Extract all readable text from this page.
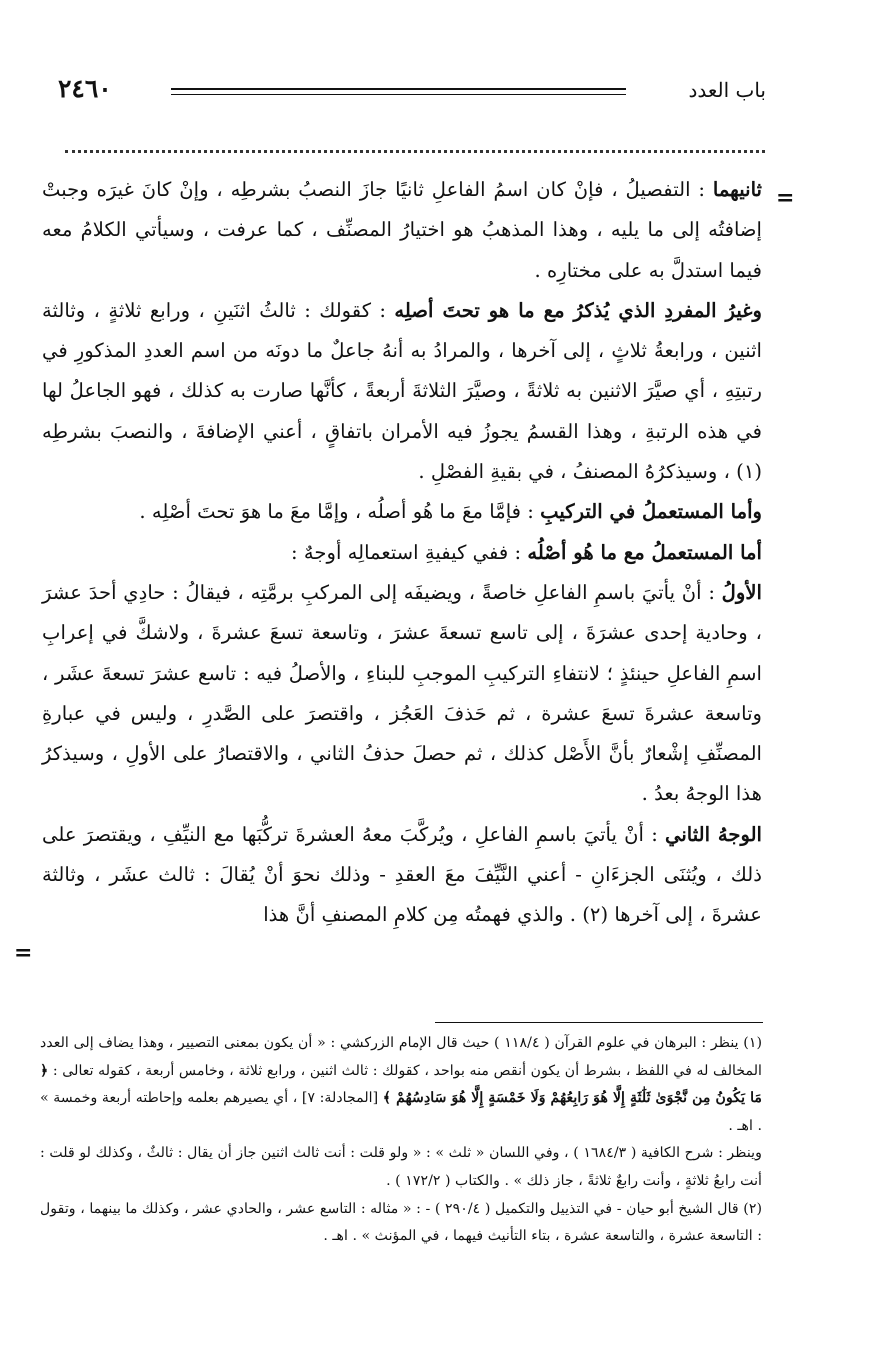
باب العدد
٢٤٦٠
=

ثانيهما : التفصيلُ ، فإنْ كان اسمُ الفاعلِ ثانيًا جازَ النصبُ بشرطِه ، وإنْ كانَ غيرَه وجبتْ إضافتُه إلى ما يليه ، وهذا المذهبُ هو اختيارُ المصنِّف ، كما عرفت ، وسيأتي الكلامُ معه فيما استدلَّ به على مختارِه .

وغيرُ المفردِ الذي يُذكرُ مع ما هو تحتَ أصلِه : كقولك : ثالثُ اثنَينِ ، ورابع ثلاثةٍ ، وثالثة اثنين ، ورابعةُ ثلاثٍ ، إلى آخرها ، والمرادُ به أنهُ جاعلٌ ما دونَه من اسم العددِ المذكورِ في رتبتِهِ ، أي صيَّرَ الاثنين به ثلاثةً ، وصيَّرَ الثلاثةَ أربعةً ، كأنَّها صارت به كذلك ، فهو الجاعلُ لها في هذه الرتبةِ ، وهذا القسمُ يجوزُ فيه الأمران باتفاقٍ ، أعني الإضافةَ ، والنصبَ بشرطِه (١) ، وسيذكرُهُ المصنفُ ، في بقيةِ الفصْلِ .

وأما المستعملُ في التركيبِ : فإمَّا معَ ما هُو أصلُه ، وإمَّا معَ ما هوَ تحتَ أصْلِه .

أما المستعملُ مع ما هُو أصْلُه : ففي كيفيةِ استعمالِه أوجهٌ :

الأولُ : أنْ يأتيَ باسمِ الفاعلِ خاصةً ، ويضيفَه إلى المركبِ برمَّتِه ، فيقالُ : حادِي أحدَ عشرَ ، وحادية إحدى عشرَةَ ، إلى تاسع تسعةَ عشرَ ، وتاسعة تسعَ عشرةَ ، ولاشكَّ في إعرابِ اسمِ الفاعلِ حينئذٍ ؛ لانتفاءِ التركيبِ الموجبِ للبناءِ ، والأصلُ فيه : تاسع عشرَ تسعةَ عشَر ، وتاسعة عشرةَ تسعَ عشرة ، ثم حَذفَ العَجُز ، واقتصرَ على الصَّدرِ ، وليس في عبارةِ المصنِّفِ إشْعارٌ بأنَّ الأَصْل كذلك ، ثم حصلَ حذفُ الثاني ، والاقتصارُ على الأولِ ، وسيذكرُ هذا الوجهُ بعدُ .

الوجهُ الثاني : أنْ يأتيَ باسمِ الفاعلِ ، ويُركَّبَ معهُ العشرةَ تركُّبَها مع النيِّفِ ، ويقتصرَ على ذلك ، ويُثنَى الجزءَانِ - أعني النَّيِّفَ معَ العقدِ - وذلك نحوَ أنْ يُقالَ : ثالث عشَر ، وثالثة عشرةَ ، إلى آخرها (٢) . والذي فهمتُه مِن كلامِ المصنفِ أنَّ هذا

=

(١) ينظر : البرهان في علوم القرآن ( ١١٨/٤ ) حيث قال الإمام الزركشي : « أن يكون بمعنى التصيير ، وهذا يضاف إلى العدد المخالف له في اللفظ ، بشرط أن يكون أنقص منه بواحد ، كقولك : ثالث اثنين ، ورابع ثلاثة ، وخامس أربعة ، كقوله تعالى : ﴿ مَا يَكُونُ مِن نَّجْوَىٰ ثَلَٰثَةٍ إِلَّا هُوَ رَابِعُهُمْ وَلَا خَمْسَةٍ إِلَّا هُوَ سَادِسُهُمْ ﴾ [المجادلة: ٧] ، أي يصيرهم بعلمه وإحاطته أربعة وخمسة » . اهـ .

وينظر : شرح الكافية ( ١٦٨٤/٣ ) ، وفي اللسان « ثلث » : « ولو قلت : أنت ثالث اثنين جاز أن يقال : ثالثٌ ، وكذلك لو قلت : أنت رابعُ ثلاثةٍ ، وأنت رابعٌ ثلاثةً ، جاز ذلك » . والكتاب ( ١٧٢/٢ ) .

(٢) قال الشيخ أبو حيان - في التذييل والتكميل ( ٢٩٠/٤ ) - : « مثاله : التاسع عشر ، والحادي عشر ، وكذلك ما بينهما ، وتقول : التاسعة عشرة ، والتاسعة عشرة ، بتاء التأنيث فيهما ، في المؤنث » . اهـ .
